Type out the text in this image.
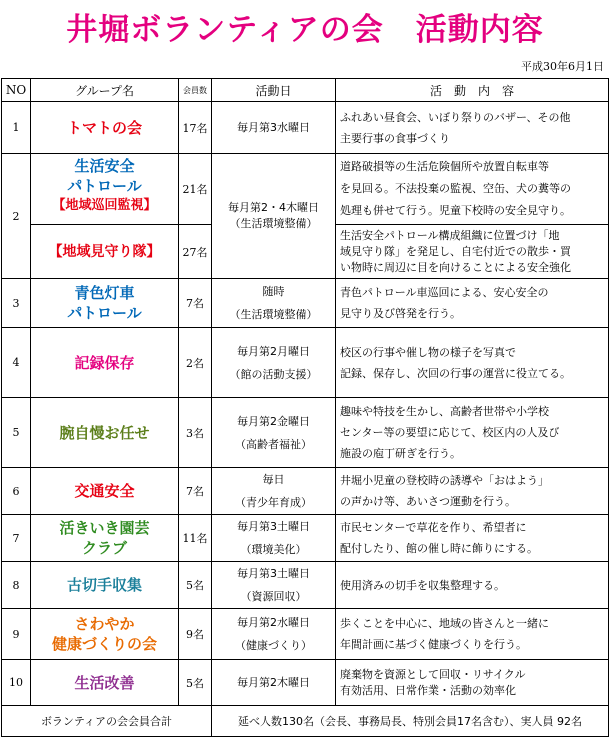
井堀ボランティアの会　活動内容
平成30年6月1日
NO	グループ名	会員数	活動日	活　動　内　容
1	トマトの会	17名	毎月第3水曜日	ふれあい昼食会、いぼり祭りのバザー、その他
主要行事の食事づくり

2	生活安全
パトロール
【地域巡回監視】	21名	毎月第2・4木曜日
（生活環境整備）	道路破損等の生活危険個所や放置自転車等
を見回る。不法投棄の監視、空缶、犬の糞等の
処理も併せて行う。児童下校時の安全見守り。

	【地域見守り隊】	27名		生活安全パトロール構成組織に位置づけ「地
域見守り隊」を発足し、自宅付近での散歩・買
い物時に周辺に目を向けることによる安全強化

3	青色灯車
パトロール	7名	随時
（生活環境整備）	青色パトロール車巡回による、安心安全の
見守り及び啓発を行う。

4	記録保存	2名	毎月第2月曜日
（館の活動支援）	校区の行事や催し物の様子を写真で
記録、保存し、次回の行事の運営に役立てる。

5	腕自慢お任せ	3名	毎月第2金曜日
（高齢者福祉）	趣味や特技を生かし、高齢者世帯や小学校
センター等の要望に応じて、校区内の人及び
施設の庖丁研ぎを行う。

6	交通安全	7名	毎日
（青少年育成）	井堀小児童の登校時の誘導や「おはよう」
の声かけ等、あいさつ運動を行う。

7	活きいき園芸
クラブ	11名	毎月第3土曜日
（環境美化）	市民センターで草花を作り、希望者に
配付したり、館の催し時に飾りにする。

8	古切手収集	5名	毎月第3土曜日
（資源回収）	使用済みの切手を収集整理する。

9	さわやか
健康づくりの会	9名	毎月第2水曜日
（健康づくり）	歩くことを中心に、地域の皆さんと一緒に
年間計画に基づく健康づくりを行う。

10	生活改善	5名	毎月第2木曜日	廃棄物を資源として回収・リサイクル
有効活用、日常作業・活動の効率化

ボランティアの会会員合計			延べ人数130名（会長、事務局長、特別会員17名含む）、実人員 92名	
